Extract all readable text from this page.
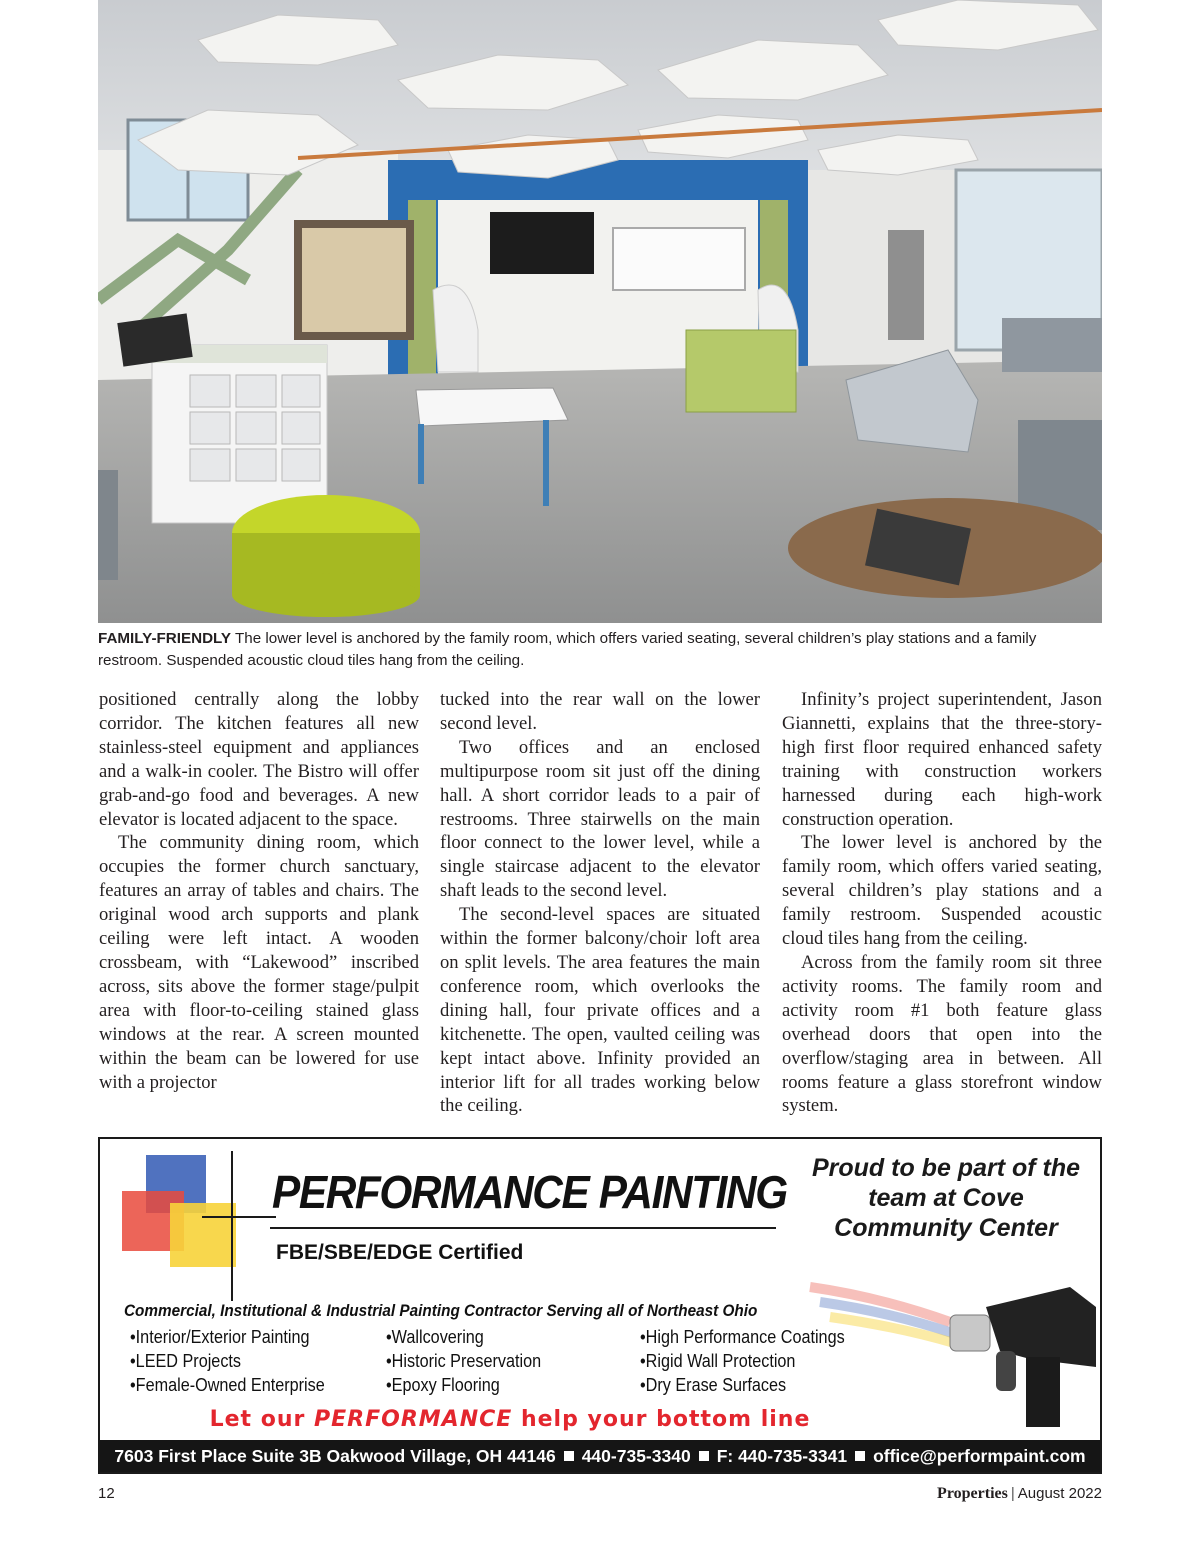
FAMILY-FRIENDLY The lower level is anchored by the family room, which offers varied seating, several children’s play stations and a family restroom. Suspended acoustic cloud tiles hang from the ceiling.

positioned centrally along the lobby corridor. The kitchen features all new stainless-steel equipment and appliances and a walk-in cooler. The Bistro will offer grab-and-go food and beverages. A new elevator is located adjacent to the space.

The community dining room, which occupies the former church sanctuary, features an array of tables and chairs. The original wood arch supports and plank ceiling were left intact. A wooden crossbeam, with “Lakewood” inscribed across, sits above the former stage/pulpit area with floor-to-ceiling stained glass windows at the rear. A screen mounted within the beam can be lowered for use with a projector

tucked into the rear wall on the lower second level.

Two offices and an enclosed multipurpose room sit just off the dining hall. A short corridor leads to a pair of restrooms. Three stairwells on the main floor connect to the lower level, while a single staircase adjacent to the elevator shaft leads to the second level.

The second-level spaces are situated within the former balcony/choir loft area on split levels. The area features the main conference room, which overlooks the dining hall, four private offices and a kitchenette. The open, vaulted ceiling was kept intact above. Infinity provided an interior lift for all trades working below the ceiling.

Infinity’s project superintendent, Jason Giannetti, explains that the three-story-high first floor required enhanced safety training with construction workers harnessed during each high-work construction operation.

The lower level is anchored by the family room, which offers varied seating, several children’s play stations and a family restroom. Suspended acoustic cloud tiles hang from the ceiling.

Across from the family room sit three activity rooms. The family room and activity room #1 both feature glass overhead doors that open into the overflow/staging area in between. All rooms feature a glass storefront window system.

PERFORMANCE PAINTING
FBE/SBE/EDGE Certified
Proud to be part of the team at Cove Community Center
Commercial, Institutional & Industrial Painting Contractor Serving all of Northeast Ohio
• Interior/Exterior Painting
• LEED Projects
• Female-Owned Enterprise
• Wallcovering
• Historic Preservation
• Epoxy Flooring
• High Performance Coatings
• Rigid Wall Protection
• Dry Erase Surfaces
Let our PERFORMANCE help your bottom line
7603 First Place Suite 3B Oakwood Village, OH 44146 440-735-3340 F: 440-735-3341 office@performpaint.com
12	Properties | August 2022
